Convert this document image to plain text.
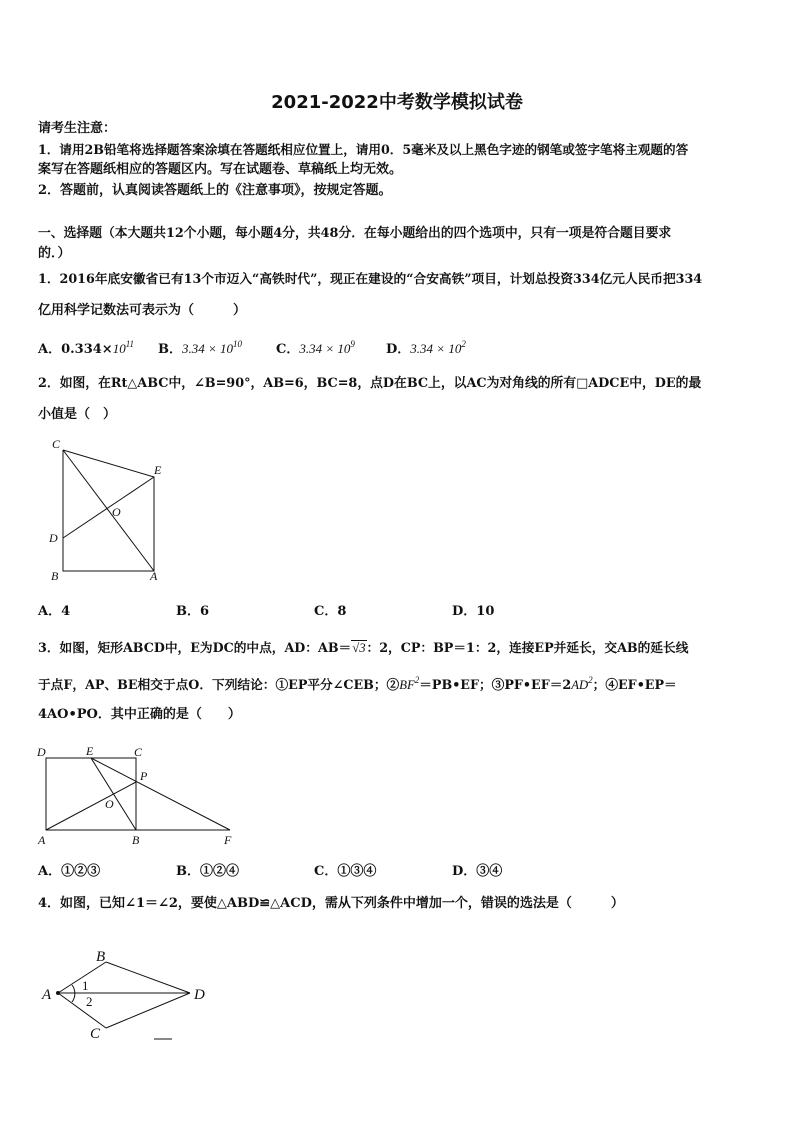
2021-2022中考数学模拟试卷
请考生注意：
1．请用2B铅笔将选择题答案涂填在答题纸相应位置上，请用0．5毫米及以上黑色字迹的钢笔或签字笔将主观题的答
案写在答题纸相应的答题区内。写在试题卷、草稿纸上均无效。
2．答题前，认真阅读答题纸上的《注意事项》，按规定答题。
一、选择题（本大题共12个小题，每小题4分，共48分．在每小题给出的四个选项中，只有一项是符合题目要求
的．）
1．2016年底安徽省已有13个市迈入“高铁时代”，现正在建设的“合安高铁”项目，计划总投资334亿元人民币把334
亿用科学记数法可表示为（　　　）
A．$0.334\times 10^{11}$ B．$3.34 \times 10^{10}$	C．$3.34 \times 10^9$ D．$3.34 \times 10^2$
2．如图，在Rt△ABC中，∠B=90°，AB=6，BC=8，点D在BC上，以AC为对角线的所有□ADCE中，DE的最
小值是（　）
C
E
O
D
B	A
A．4	B．6	C．8	D．10
3．如图，矩形ABCD中，E为DC的中点，AD：AB＝√3：2，CP：BP＝1：2，连接EP并延长，交AB的延长线
于点F，AP、BE相交于点O．下列结论：①EP平分∠CEB；$②BF^2=PB•EF$；$③PF•EF=2AD^2$；④EF•EP＝
4AO•PO．其中正确的是（　　）
D	E	C
P
O
A	B	F
A．①②③	B．①②④	C．①③④	D．③④
4．如图，已知∠1＝∠2，要使△ABD≌△ACD，需从下列条件中增加一个，错误的选法是（　　　）
B
A
1
2	D
C
